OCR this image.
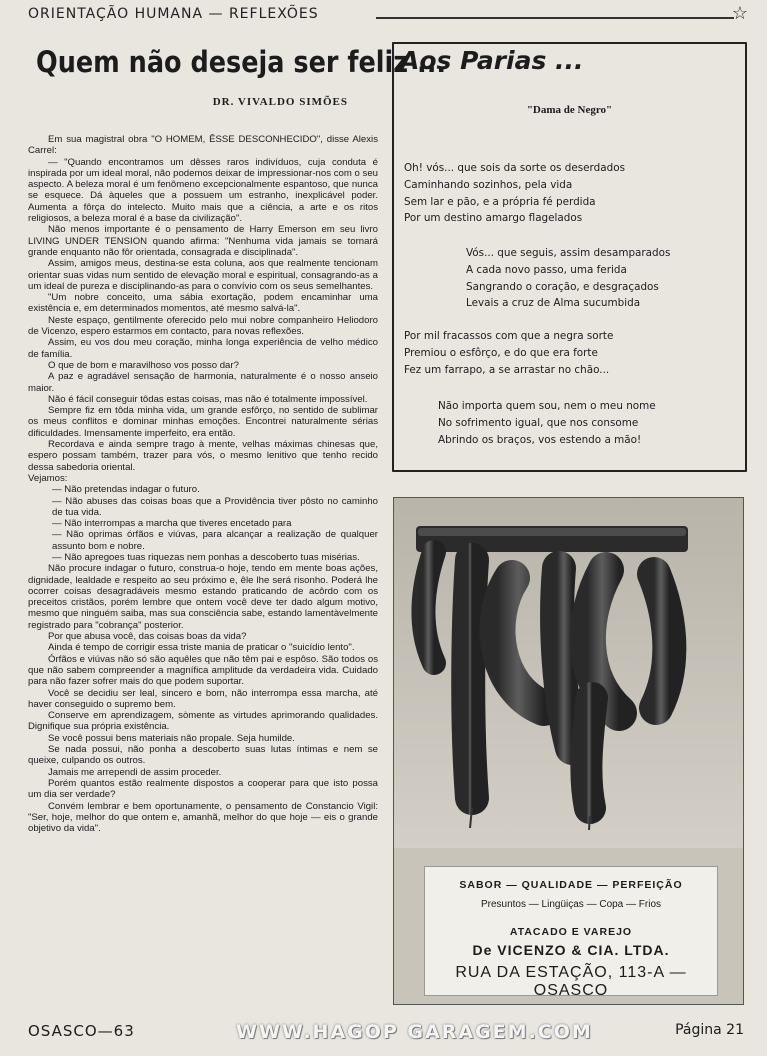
ORIENTAÇÃO HUMANA — REFLEXÕES	☆
Quem não deseja ser feliz ...
DR. VIVALDO SIMÕES

Em sua magistral obra "O HOMEM, ÊSSE DESCONHECIDO", disse Alexis Carrel:

— "Quando encontramos um dêsses raros indivíduos, cuja conduta é inspirada por um ideal moral, não podemos deixar de impressionar-nos com o seu aspecto. A beleza moral é um fenômeno excepcionalmente espantoso, que nunca se esquece. Dá àqueles que a possuem um estranho, inexplicável poder. Aumenta a fôrça do intelecto. Muito mais que a ciência, a arte e os ritos religiosos, a beleza moral é a base da civilização".

Não menos importante é o pensamento de Harry Emerson em seu livro LIVING UNDER TENSION quando afirma: "Nenhuma vida jamais se tornará grande enquanto não fôr orientada, consagrada e disciplinada".

Assim, amigos meus, destina-se esta coluna, aos que realmente tencionam orientar suas vidas num sentido de elevação moral e espiritual, consagrando-as a um ideal de pureza e disciplinando-as para o convívio com os seus semelhantes.

"Um nobre conceito, uma sábia exortação, podem encaminhar uma existência e, em determinados momentos, até mesmo salvá-la".

Neste espaço, gentilmente oferecido pelo mui nobre companheiro Heliodoro de Vicenzo, espero estarmos em contacto, para novas reflexões.

Assim, eu vos dou meu coração, minha longa experiência de velho médico de família.

O que de bom e maravilhoso vos posso dar?

A paz e agradável sensação de harmonia, naturalmente é o nosso anseio maior.

Não é fácil conseguir tôdas estas coisas, mas não é totalmente impossível.

Sempre fiz em tôda minha vida, um grande esfôrço, no sentido de sublimar os meus conflitos e dominar minhas emoções. Encontrei naturalmente sérias dificuldades. Imensamente imperfeito, era então.

Recordava e ainda sempre trago à mente, velhas máximas chinesas que, espero possam também, trazer para vós, o mesmo lenitivo que tenho recido dessa sabedoria oriental.

Vejamos:

— Não pretendas indagar o futuro.
— Não abuses das coisas boas que a Providência tiver pôsto no caminho de tua vida.
— Não interrompas a marcha que tiveres encetado para
— Não oprimas órfãos e viúvas, para alcançar a realização de qualquer assunto bom e nobre.
— Não apregoes tuas riquezas nem ponhas a descoberto tuas misérias.

Não procure indagar o futuro, construa-o hoje, tendo em mente boas ações, dignidade, lealdade e respeito ao seu próximo e, êle lhe será risonho. Poderá lhe ocorrer coisas desagradáveis mesmo estando praticando de acôrdo com os preceitos cristãos, porém lembre que ontem você deve ter dado algum motivo, mesmo que ninguém saiba, mas sua consciência sabe, estando lamentàvelmente registrado para "cobrança" posterior.

Por que abusa você, das coisas boas da vida?

Ainda é tempo de corrigir essa triste mania de praticar o "suicídio lento".

Órfãos e viúvas não só são aquêles que não têm pai e espôso. São todos os que não sabem compreender a magnífica amplitude da verdadeira vida. Cuidado para não fazer sofrer mais do que podem suportar.

Você se decidiu ser leal, sincero e bom, não interrompa essa marcha, até haver conseguido o supremo bem.

Conserve em aprendizagem, sòmente as virtudes aprimorando qualidades. Dignifique sua própria existência.

Se você possui bens materiais não propale. Seja humilde.

Se nada possui, não ponha a descoberto suas lutas íntimas e nem se queixe, culpando os outros.

Jamais me arrependi de assim proceder.

Porém quantos estão realmente dispostos a cooperar para que isto possa um dia ser verdade?

Convém lembrar e bem oportunamente, o pensamento de Constancio Vigil: "Ser, hoje, melhor do que ontem e, amanhã, melhor do que hoje — eis o grande objetivo da vida".

Aos Parias ...
"Dama de Negro"
Oh! vós... que sois da sorte os deserdados
Caminhando sozinhos, pela vida
Sem lar e pão, e a própria fé perdida
Por um destino amargo flagelados
Vós... que seguis, assim desamparados
A cada novo passo, uma ferida
Sangrando o coração, e desgraçados
Levais a cruz de Alma sucumbida
Por mil fracassos com que a negra sorte
Premiou o esfôrço, e do que era forte
Fez um farrapo, a se arrastar no chão...
Não importa quem sou, nem o meu nome
No sofrimento igual, que nos consome
Abrindo os braços, vos estendo a mão!
SABOR — QUALIDADE — PERFEIÇÃO
Presuntos — Lingüiças — Copa — Frios
ATACADO E VAREJO
De VICENZO & CIA. LTDA.
RUA DA ESTAÇÃO, 113-A — OSASCO
OSASCO—63	WWW.HAGOP GARAGEM.COM	Página 21
